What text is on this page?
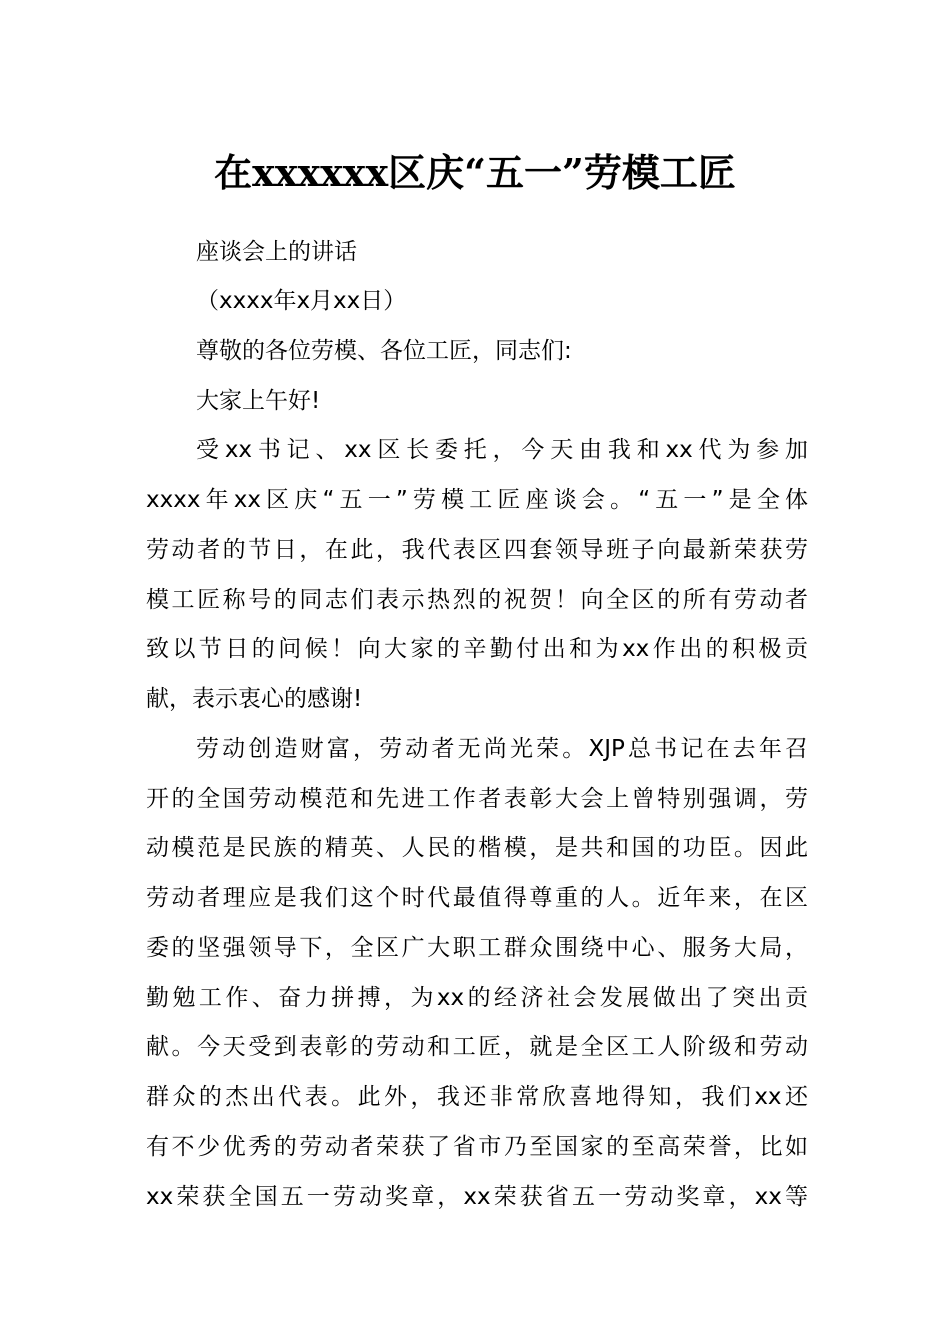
在xxxxxx区庆“五一”劳模工匠
座谈会上的讲话
（xxxx年x月xx日）
尊敬的各位劳模、各位工匠，同志们:
大家上午好!
受xx书记、xx区长委托，今天由我和xx代为参加
xxxx年xx区庆“五一”劳模工匠座谈会。“五一”是全体
劳动者的节日，在此，我代表区四套领导班子向最新荣获劳
模工匠称号的同志们表示热烈的祝贺！向全区的所有劳动者
致以节日的问候！向大家的辛勤付出和为xx作出的积极贡
献，表示衷心的感谢!
劳动创造财富，劳动者无尚光荣。XJP总书记在去年召
开的全国劳动模范和先进工作者表彰大会上曾特别强调，劳
动模范是民族的精英、人民的楷模，是共和国的功臣。因此
劳动者理应是我们这个时代最值得尊重的人。近年来，在区
委的坚强领导下，全区广大职工群众围绕中心、服务大局，
勤勉工作、奋力拼搏，为xx的经济社会发展做出了突出贡
献。今天受到表彰的劳动和工匠，就是全区工人阶级和劳动
群众的杰出代表。此外，我还非常欣喜地得知，我们xx还
有不少优秀的劳动者荣获了省市乃至国家的至高荣誉，比如
xx荣获全国五一劳动奖章，xx荣获省五一劳动奖章，xx等
